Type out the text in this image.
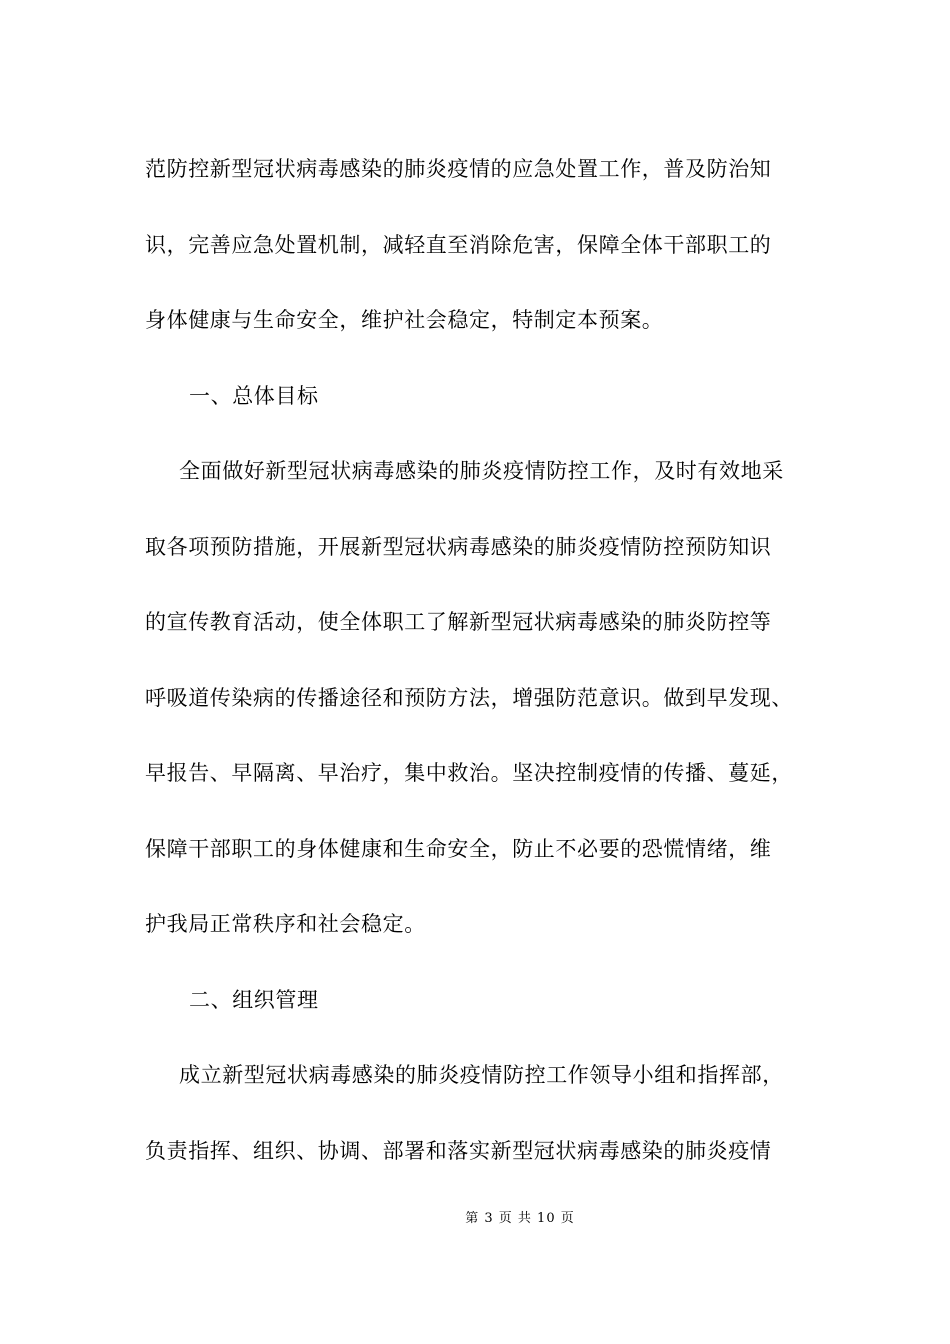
范防控新型冠状病毒感染的肺炎疫情的应急处置工作，普及防治知
识，完善应急处置机制，减轻直至消除危害，保障全体干部职工的
身体健康与生命安全，维护社会稳定，特制定本预案。
一、总体目标
全面做好新型冠状病毒感染的肺炎疫情防控工作，及时有效地采
取各项预防措施，开展新型冠状病毒感染的肺炎疫情防控预防知识
的宣传教育活动，使全体职工了解新型冠状病毒感染的肺炎防控等
呼吸道传染病的传播途径和预防方法，增强防范意识。做到早发现、
早报告、早隔离、早治疗，集中救治。坚决控制疫情的传播、蔓延，
保障干部职工的身体健康和生命安全，防止不必要的恐慌情绪，维
护我局正常秩序和社会稳定。
二、组织管理
成立新型冠状病毒感染的肺炎疫情防控工作领导小组和指挥部，
负责指挥、组织、协调、部署和落实新型冠状病毒感染的肺炎疫情
第 3 页 共 10 页
